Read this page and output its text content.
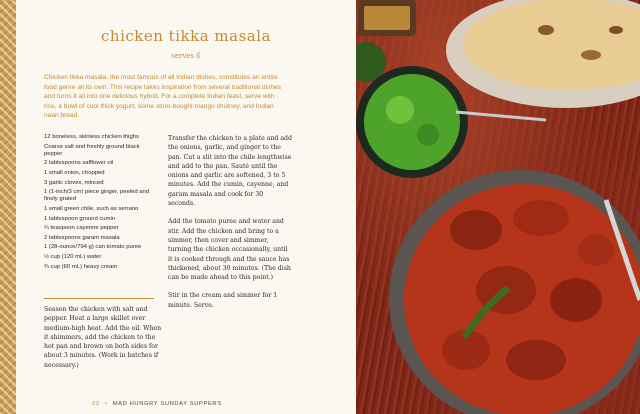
chicken tikka masala
serves 6
Chicken tikka masala, the most famous of all Indian dishes, constitutes an entire food genre all its own. This recipe takes inspiration from several traditional dishes and turns it all into one delicious hybrid. For a complete Indian feast, serve with rice, a bowl of cool thick yogurt, some store-bought mango chutney, and Indian naan bread.
12 boneless, skinless chicken thighs
Coarse salt and freshly ground black pepper
2 tablespoons safflower oil
1 small onion, chopped
3 garlic cloves, minced
1 (1-inch/3 cm) piece ginger, peeled and finely grated
1 small green chile, such as serrano
1 tablespoon ground cumin
¼ teaspoon cayenne pepper
2 tablespoons garam masala
1 (28-ounce/794 g) can tomato puree
½ cup (120 mL) water
¾ cup (60 mL) heavy cream

Season the chicken with salt and pepper. Heat a large skillet over medium-high heat. Add the oil. When it shimmers, add the chicken to the hot pan and brown on both sides for about 3 minutes. (Work in batches if necessary.)

Transfer the chicken to a plate and add the onions, garlic, and ginger to the pan. Cut a slit into the chile lengthwise and add to the pan. Sauté until the onions and garlic are softened, 3 to 5 minutes. Add the cumin, cayenne, and garam masala and cook for 30 seconds.

Add the tomato puree and water and stir. Add the chicken and bring to a simmer, then cover and simmer, turning the chicken occasionally, until it is cooked through and the sauce has thickened, about 30 minutes. (The dish can be made ahead to this point.)

Stir in the cream and simmer for 1 minute. Serve.

22 • MAD HUNGRY SUNDAY SUPPERS
